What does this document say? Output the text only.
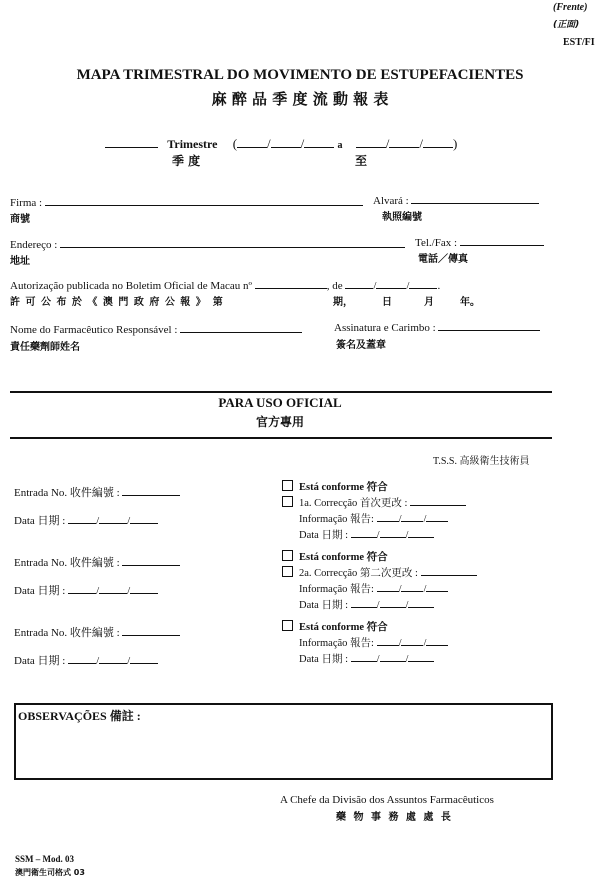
(Frente)
(正面)
EST/FI
MAPA TRIMESTRAL DO MOVIMENTO DE ESTUPEFACIENTES
麻 醉 品 季 度 流 動 報 表
Trimestre ( / /	a	/ / )
季 度	至
Firma :
商號
Alvará :
執照編號
Endereço :
地址
Tel./Fax :
電話／傳真
Autorização publicada no Boletim Oficial de Macau nº	, de	/	/	.
許 可 公 布 於 《 澳 門 政 府 公 報 》　第	期，	日	月	年。
Nome do Farmacêutico Responsável :
責任藥劑師姓名
Assinatura e Carimbo :
簽名及蓋章
PARA USO OFICIAL
官方專用
T.S.S. 高級衛生技術員
Entrada No. 收件編號 :
Data 日期 :	/	/
Entrada No. 收件編號 :
Data 日期 :	/	/
Entrada No. 收件編號 :
Data 日期 :	/	/
Está conforme 符合
1a. Correcção 首次更改 :
Informação 報告: / /
Data 日期 :	/ /
Está conforme 符合
2a. Correcção 第二次更改 :
Informação 報告: / /
Data 日期 :	/ /
Está conforme 符合
Informação 報告: / /
Data 日期 :	/ /
OBSERVAÇÕES 備註 :
A Chefe da Divisão dos Assuntos Farmacêuticos
藥 物 事 務 處 處 長
SSM – Mod. 03
澳門衛生司格式 03
